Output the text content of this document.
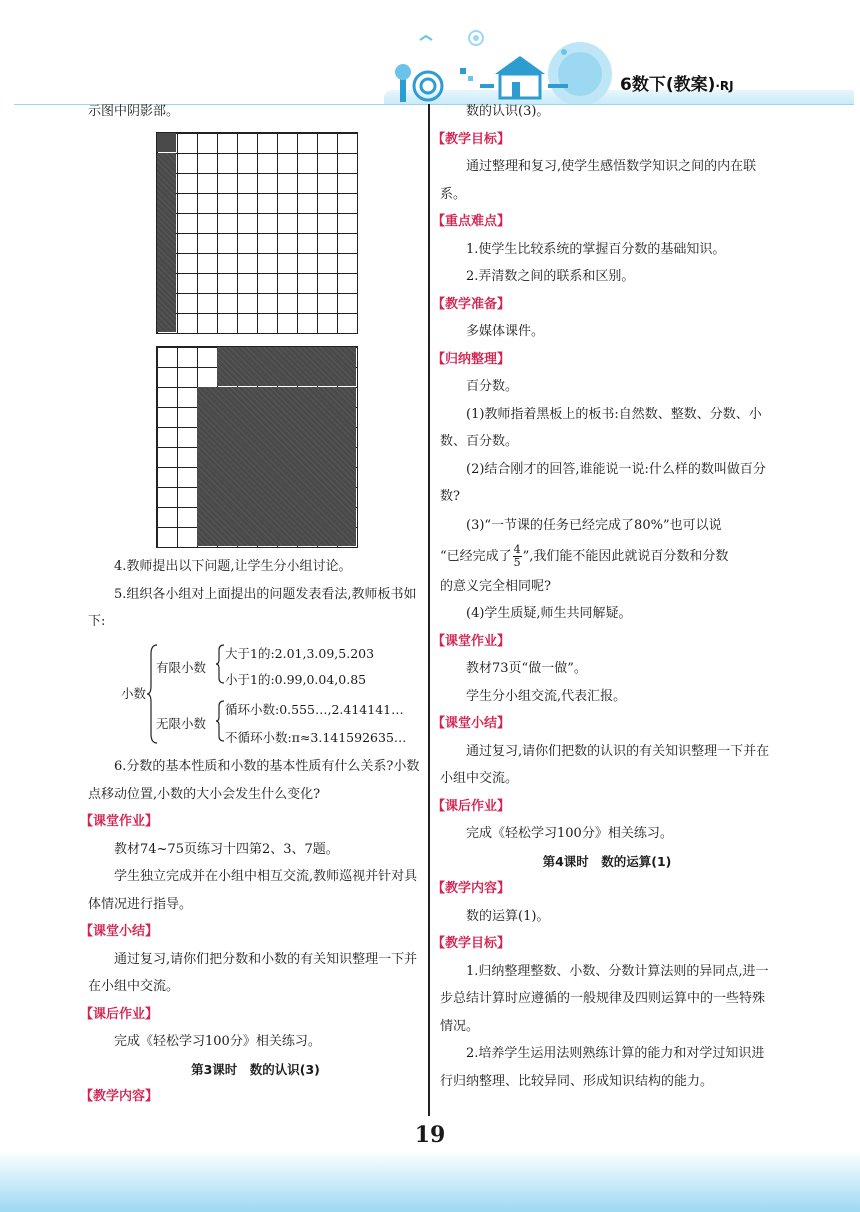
6数下(教案)·RJ

示图中阴影部。

4.教师提出以下问题,让学生分小组讨论。

5.组织各小组对上面提出的问题发表看法,教师板书如下:

小数
有限小数
大于1的:2.01,3.09,5.203
小于1的:0.99,0.04,0.85
无限小数
循环小数:0.555…,2.414141…
不循环小数:π≈3.141592635…

6.分数的基本性质和小数的基本性质有什么关系?小数点移动位置,小数的大小会发生什么变化?

【课堂作业】

教材74~75页练习十四第2、3、7题。

学生独立完成并在小组中相互交流,教师巡视并针对具体情况进行指导。

【课堂小结】

通过复习,请你们把分数和小数的有关知识整理一下并在小组中交流。

【课后作业】

完成《轻松学习100分》相关练习。

第3课时　数的认识(3)

【教学内容】

数的认识(3)。

【教学目标】

通过整理和复习,使学生感悟数学知识之间的内在联系。

【重点难点】

1.使学生比较系统的掌握百分数的基础知识。

2.弄清数之间的联系和区别。

【教学准备】

多媒体课件。

【归纳整理】

百分数。

(1)教师指着黑板上的板书:自然数、整数、分数、小数、百分数。

(2)结合刚才的回答,谁能说一说:什么样的数叫做百分数?

(3)“一节课的任务已经完成了80%”也可以说

“已经完成了 $\frac{4}{5}$ ”,我们能不能因此就说百分数和分数

的意义完全相同呢?

(4)学生质疑,师生共同解疑。

【课堂作业】

教材73页“做一做”。

学生分小组交流,代表汇报。

【课堂小结】

通过复习,请你们把数的认识的有关知识整理一下并在小组中交流。

【课后作业】

完成《轻松学习100分》相关练习。

第4课时　数的运算(1)

【教学内容】

数的运算(1)。

【教学目标】

1.归纳整理整数、小数、分数计算法则的异同点,进一步总结计算时应遵循的一般规律及四则运算中的一些特殊情况。

2.培养学生运用法则熟练计算的能力和对学过知识进行归纳整理、比较异同、形成知识结构的能力。

19
